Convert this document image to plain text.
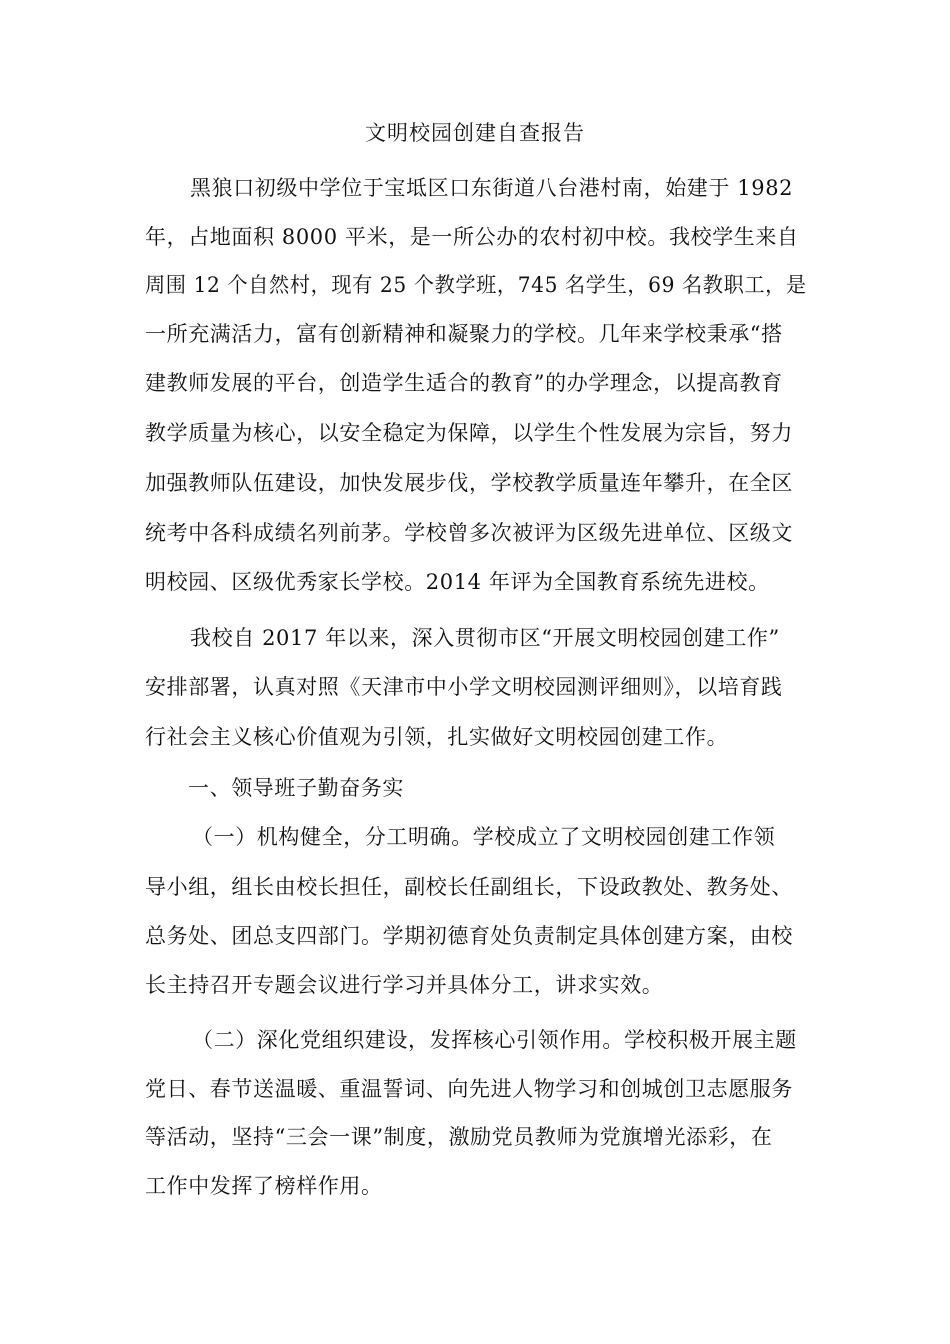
文明校园创建自查报告
黑狼口初级中学位于宝坻区口东街道八台港村南，始建于 1982
年，占地面积 8000 平米，是一所公办的农村初中校。我校学生来自
周围 12 个自然村，现有 25 个教学班，745 名学生，69 名教职工，是
一所充满活力，富有创新精神和凝聚力的学校。几年来学校秉承“搭
建教师发展的平台，创造学生适合的教育”的办学理念，以提高教育
教学质量为核心，以安全稳定为保障，以学生个性发展为宗旨，努力
加强教师队伍建设，加快发展步伐，学校教学质量连年攀升，在全区
统考中各科成绩名列前茅。学校曾多次被评为区级先进单位、区级文
明校园、区级优秀家长学校。2014 年评为全国教育系统先进校。
我校自 2017 年以来，深入贯彻市区“开展文明校园创建工作”
安排部署，认真对照《天津市中小学文明校园测评细则》，以培育践
行社会主义核心价值观为引领，扎实做好文明校园创建工作。
一、领导班子勤奋务实
（一）机构健全，分工明确。学校成立了文明校园创建工作领
导小组，组长由校长担任，副校长任副组长，下设政教处、教务处、
总务处、团总支四部门。学期初德育处负责制定具体创建方案，由校
长主持召开专题会议进行学习并具体分工，讲求实效。
（二）深化党组织建设，发挥核心引领作用。学校积极开展主题
党日、春节送温暖、重温誓词、向先进人物学习和创城创卫志愿服务
等活动，坚持“三会一课”制度，激励党员教师为党旗增光添彩，在
工作中发挥了榜样作用。
